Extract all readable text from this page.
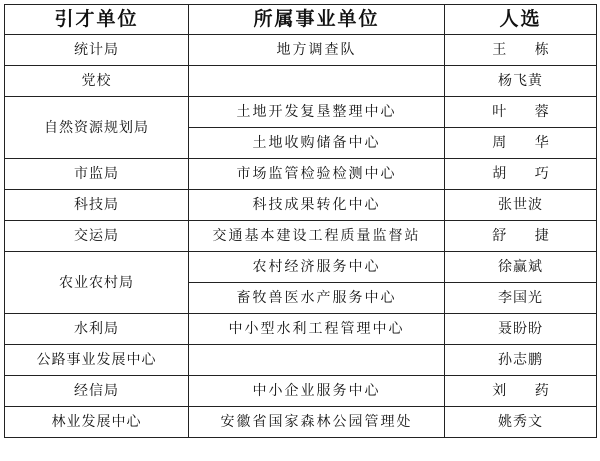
引才单位	所属事业单位	人选
统计局	地方调查队	王 栋
党校		杨飞黄
自然资源规划局	土地开发复垦整理中心	叶 蓉
	土地收购储备中心	周 华
市监局	市场监管检验检测中心	胡 巧
科技局	科技成果转化中心	张世波
交运局	交通基本建设工程质量监督站	舒 捷
农业农村局	农村经济服务中心	徐赢斌
	畜牧兽医水产服务中心	李国光
水利局	中小型水利工程管理中心	聂盼盼
公路事业发展中心		孙志鹏
经信局	中小企业服务中心	刘 药
林业发展中心	安徽省国家森林公园管理处	姚秀文
